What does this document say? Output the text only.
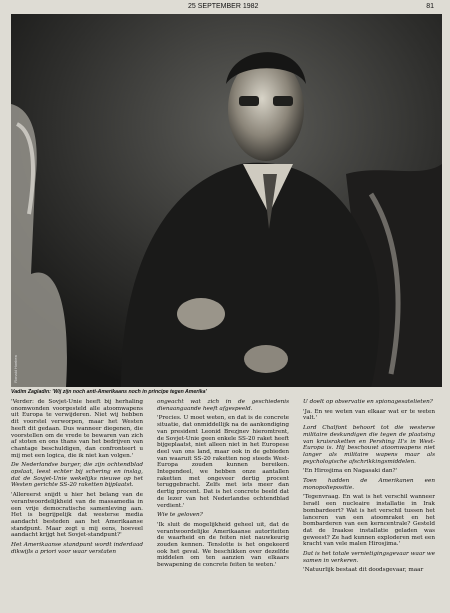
25 SEPTEMBER 1982	81
Ronald Hoeben
Vadim Zagladin: 'Wij zijn noch anti-Amerikaans noch in principe tegen Amerika'

'Verder: de Sovjet-Unie heeft bij herhaling onomwonden voorgesteld alle atoomwapens uit Europa te verwijderen. Niet wij hebben dit voorstel verworpen, maar het Westen heeft dit gedaan. Dus wanneer diegenen, die voorstellen om de vrede te bewaren van zich af stoten en ons thans van het bedrijven van chantage beschuldigen, dan confronteert u mij met een logica, die ik niet kan volgen.'

De Nederlandse burger, die zijn ochtendblad opslaat, leest echter bij schering en inslag, dat de Sovjet-Unie wekelijks nieuwe op het Westen gerichte SS-20 raketten bijplaatst.

'Allereerst snijdt u hier het belang van de verantwoordelijkheid van de massamedia in een vrije democratische samenleving aan. Het is begrijpelijk dat westerse media aandacht besteden aan het Amerikaanse standpunt. Maar zegt u mij eens, hoeveel aandacht krijgt het Sovjet-standpunt?'

Het Amerikaanse standpunt wordt inderdaad dikwijls a priori voor waar verstaten

ongeacht wat zich in de geschiedenis dienaangaande heeft afgespeeld.

'Precies. U moet weten, en dat is de concrete situatie, dat onmiddellijk na de aankondiging van president Leonid Brezjnev hieromtrent, de Sovjet-Unie geen enkele SS-20 raket heeft bijgeplaatst, niet alleen niet in het Europese deel van ons land, maar ook in de gebieden van waaruit SS-20 raketten nog steeds West-Europa zouden kunnen bereiken. Integendeel, we hebben onze aantallen raketten met ongeveer dertig procent teruggebracht. Zelfs met iets meer dan dertig procent. Dat is het concrete beeld dat de lezer van het Nederlandse ochtendblad verdient.'

Wie te geloven?

'Ik sluit de mogelijkheid geheel uit, dat de verantwoordelijke Amerikaanse autoriteiten de waarheid en de feiten niet nauwkeurig zouden kennen. Tenslotte is het ongekeerd ook het geval. We beschikken over dezelfde middelen om ten aanzien van elkaars bewapening de concrete feiten te weten.'

U doelt op observatie en spionagesatelieten?

'Ja. En we weten van elkaar wat er te weten valt.'

Lord Chalfont behoort tot die westerse militaire deskundigen die tegen de plaatsing van kruisraketten en Pershing II's in West-Europa is. Hij beschouwt atoomwapens niet langer als militaire wapens maar als psychologische afschrikkingsmiddelen.

'En Hirosjima en Nagasaki dan?'

Toen hadden de Amerikanen een monopoliepositie.

'Tegenvraag. En wat is het verschil wanneer Israël een nucleaire installatie in Irak bombardeert? Wat is het verschil tussen het lanceren van een atoomraket en het bombarderen van een kerncentrale? Gesteld dat de Iraakse installatie geladen was geweest? Ze had kunnen exploderen met een kracht van vele malen Hirosjima.'

Dat is het totale vernietigingsgevaar waar we samen in verkeren.

'Natuurlijk bestaat dit doodsgevaar, maar
